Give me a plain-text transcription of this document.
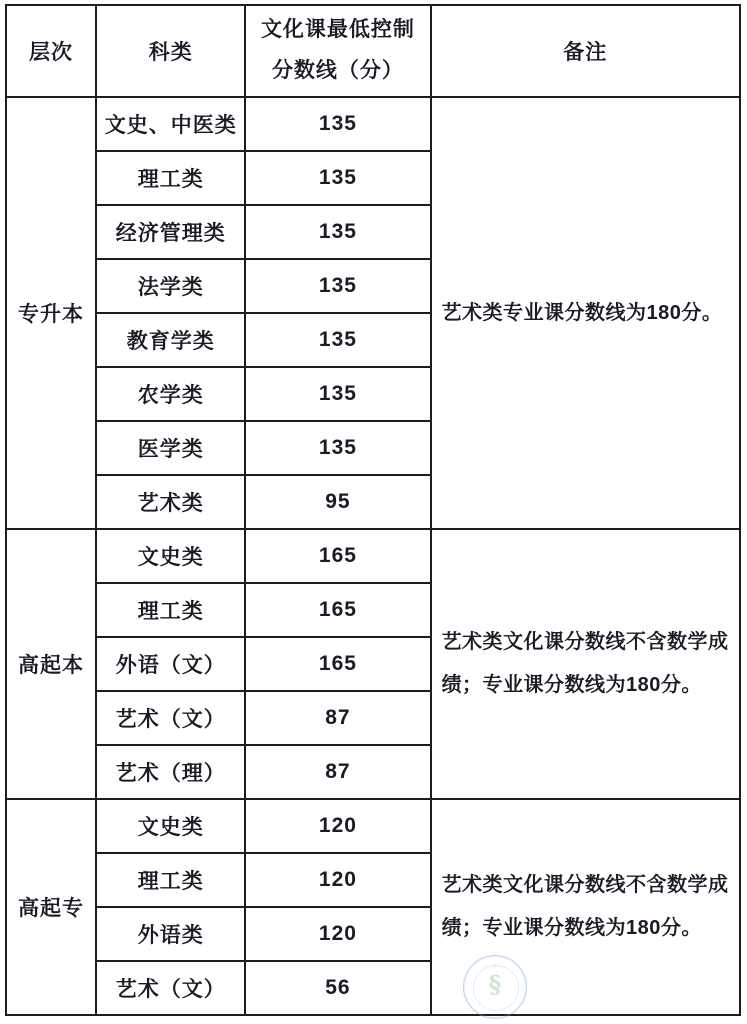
层次	科类	文化课最低控制
分数线（分）	备注
专升本	文史、中医类	135	艺术类专业课分数线为180分。
	理工类	135	
	经济管理类	135	
	法学类	135	
	教育学类	135	
	农学类	135	
	医学类	135	
	艺术类	95	
高起本	文史类	165	艺术类文化课分数线不含数学成绩；专业课分数线为180分。
	理工类	165	
	外语（文）	165	
	艺术（文）	87	
	艺术（理）	87	
高起专	文史类	120	艺术类文化课分数线不含数学成绩；专业课分数线为180分。
	理工类	120	
	外语类	120	
	艺术（文）	56	
···+···
§
